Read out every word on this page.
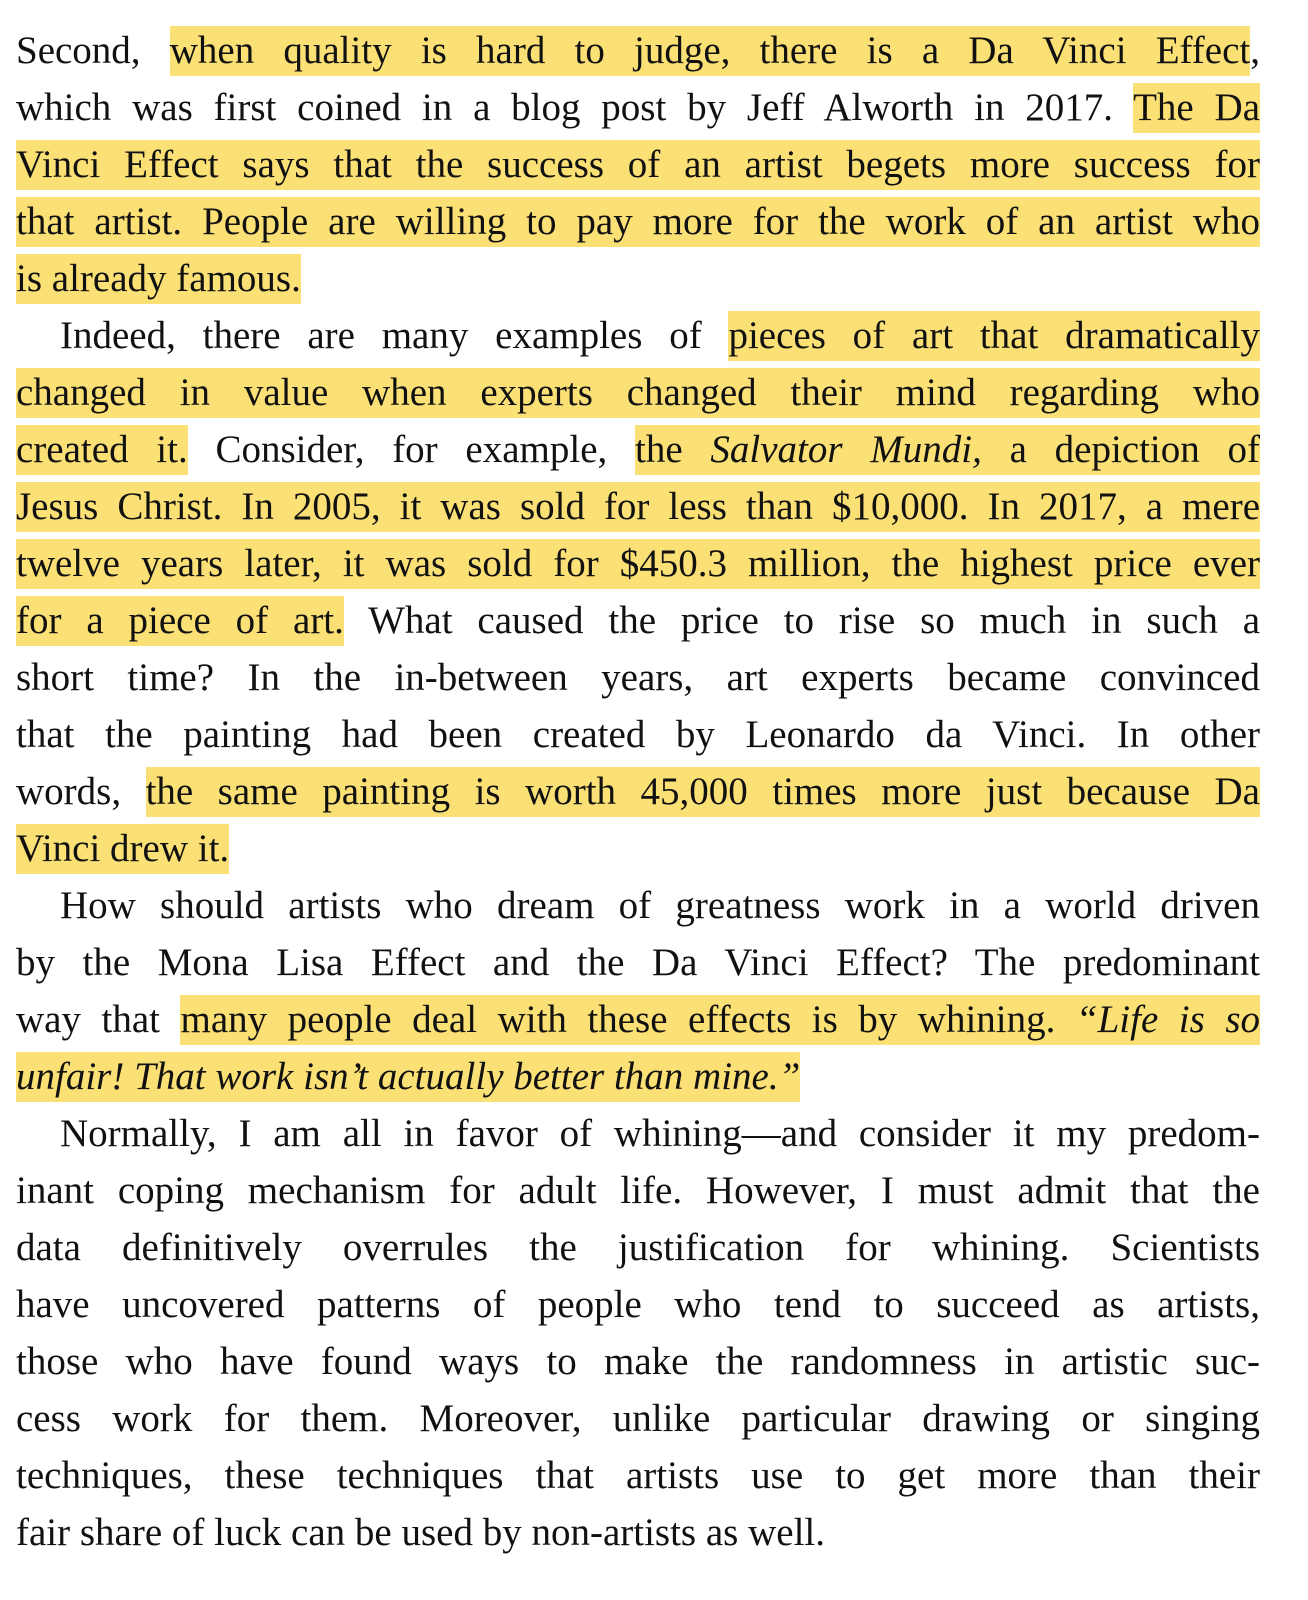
Second, when quality is hard to judge, there is a Da Vinci Effect,
which was first coined in a blog post by Jeff Alworth in 2017. The Da
Vinci Effect says that the success of an artist begets more success for
that artist. People are willing to pay more for the work of an artist who
is already famous.
Indeed, there are many examples of pieces of art that dramatically
changed in value when experts changed their mind regarding who
created it. Consider, for example, the Salvator Mundi, a depiction of
Jesus Christ. In 2005, it was sold for less than $10,000. In 2017, a mere
twelve years later, it was sold for $450.3 million, the highest price ever
for a piece of art. What caused the price to rise so much in such a
short time? In the in-between years, art experts became convinced
that the painting had been created by Leonardo da Vinci. In other
words, the same painting is worth 45,000 times more just because Da
Vinci drew it.
How should artists who dream of greatness work in a world driven
by the Mona Lisa Effect and the Da Vinci Effect? The predominant
way that many people deal with these effects is by whining. “Life is so
unfair! That work isn’t actually better than mine.”
Normally, I am all in favor of whining—and consider it my predom-
inant coping mechanism for adult life. However, I must admit that the
data definitively overrules the justification for whining. Scientists
have uncovered patterns of people who tend to succeed as artists,
those who have found ways to make the randomness in artistic suc-
cess work for them. Moreover, unlike particular drawing or singing
techniques, these techniques that artists use to get more than their
fair share of luck can be used by non-artists as well.
